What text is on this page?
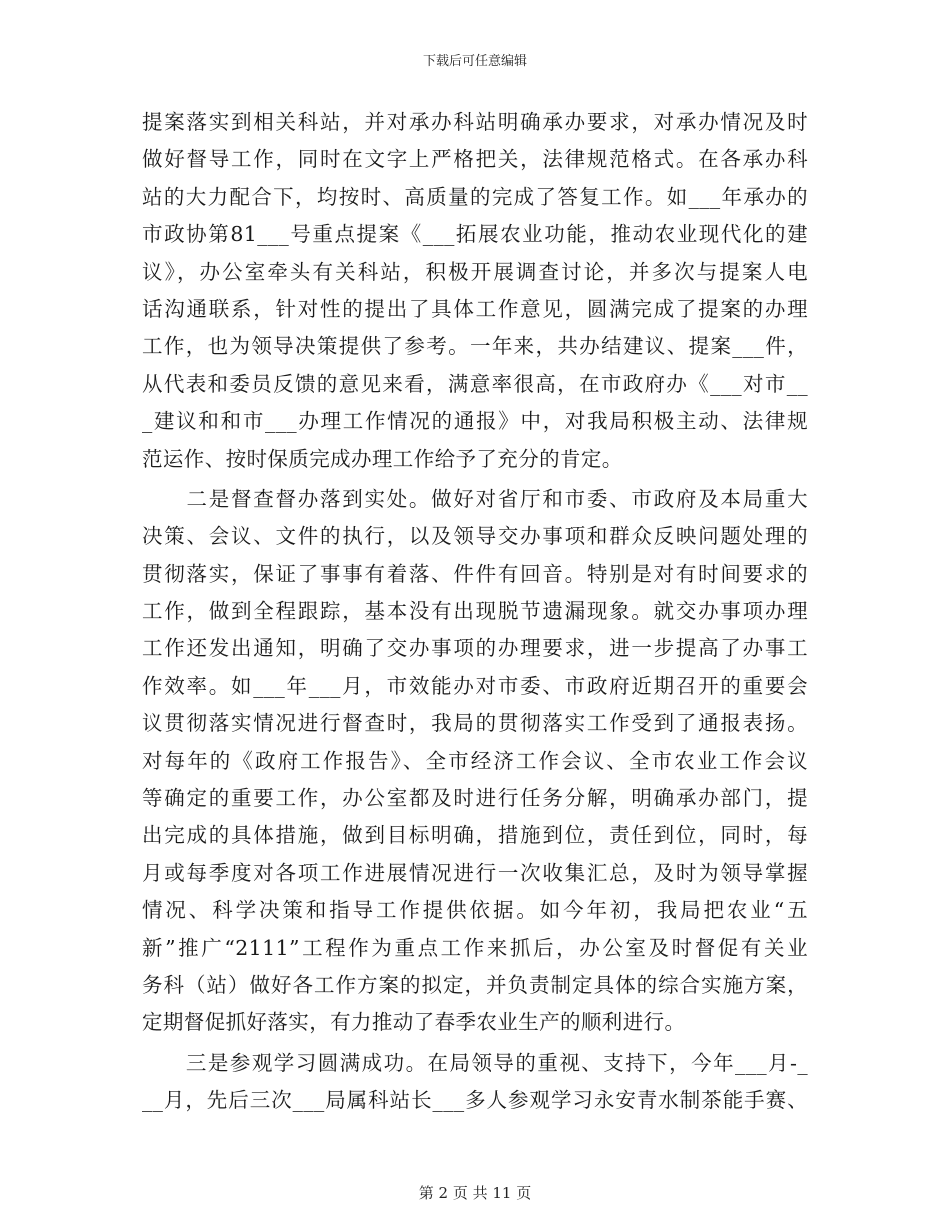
下载后可任意编辑
提案落实到相关科站，并对承办科站明确承办要求，对承办情况及时
做好督导工作，同时在文字上严格把关，法律规范格式。在各承办科
站的大力配合下，均按时、高质量的完成了答复工作。如___年承办的
市政协第81___号重点提案《___拓展农业功能，推动农业现代化的建
议》，办公室牵头有关科站，积极开展调查讨论，并多次与提案人电
话沟通联系，针对性的提出了具体工作意见，圆满完成了提案的办理
工作，也为领导决策提供了参考。一年来，共办结建议、提案___件，
从代表和委员反馈的意见来看，满意率很高，在市政府办《___对市__
_建议和和市___办理工作情况的通报》中，对我局积极主动、法律规
范运作、按时保质完成办理工作给予了充分的肯定。
　　二是督查督办落到实处。做好对省厅和市委、市政府及本局重大
决策、会议、文件的执行，以及领导交办事项和群众反映问题处理的
贯彻落实，保证了事事有着落、件件有回音。特别是对有时间要求的
工作，做到全程跟踪，基本没有出现脱节遗漏现象。就交办事项办理
工作还发出通知，明确了交办事项的办理要求，进一步提高了办事工
作效率。如___年___月，市效能办对市委、市政府近期召开的重要会
议贯彻落实情况进行督查时，我局的贯彻落实工作受到了通报表扬。
对每年的《政府工作报告》、全市经济工作会议、全市农业工作会议
等确定的重要工作，办公室都及时进行任务分解，明确承办部门，提
出完成的具体措施，做到目标明确，措施到位，责任到位，同时，每
月或每季度对各项工作进展情况进行一次收集汇总，及时为领导掌握
情况、科学决策和指导工作提供依据。如今年初，我局把农业“五
新”推广“2111”工程作为重点工作来抓后，办公室及时督促有关业
务科（站）做好各工作方案的拟定，并负责制定具体的综合实施方案，
定期督促抓好落实，有力推动了春季农业生产的顺利进行。
　　三是参观学习圆满成功。在局领导的重视、支持下，今年___月-_
__月，先后三次___局属科站长___多人参观学习永安青水制茶能手赛、
第 2 页 共 11 页
